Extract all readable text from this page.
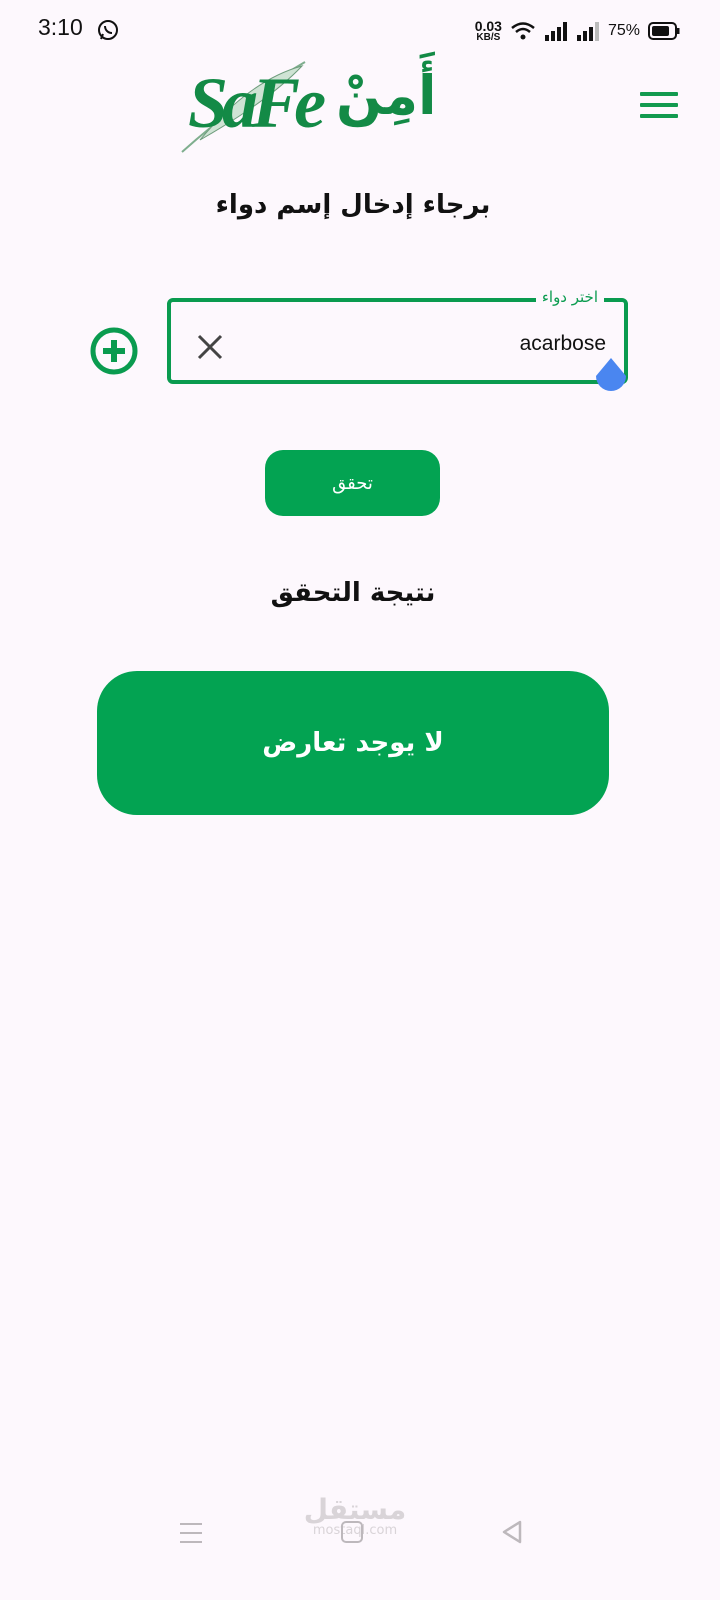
3:10	0.03
KB/S	75%
SaFe أَمِنْ
برجاء إدخال إسم دواء
اختر دواء
acarbose
تحقق
نتيجة التحقق
لا يوجد تعارض
مستقل
mostaql.com
